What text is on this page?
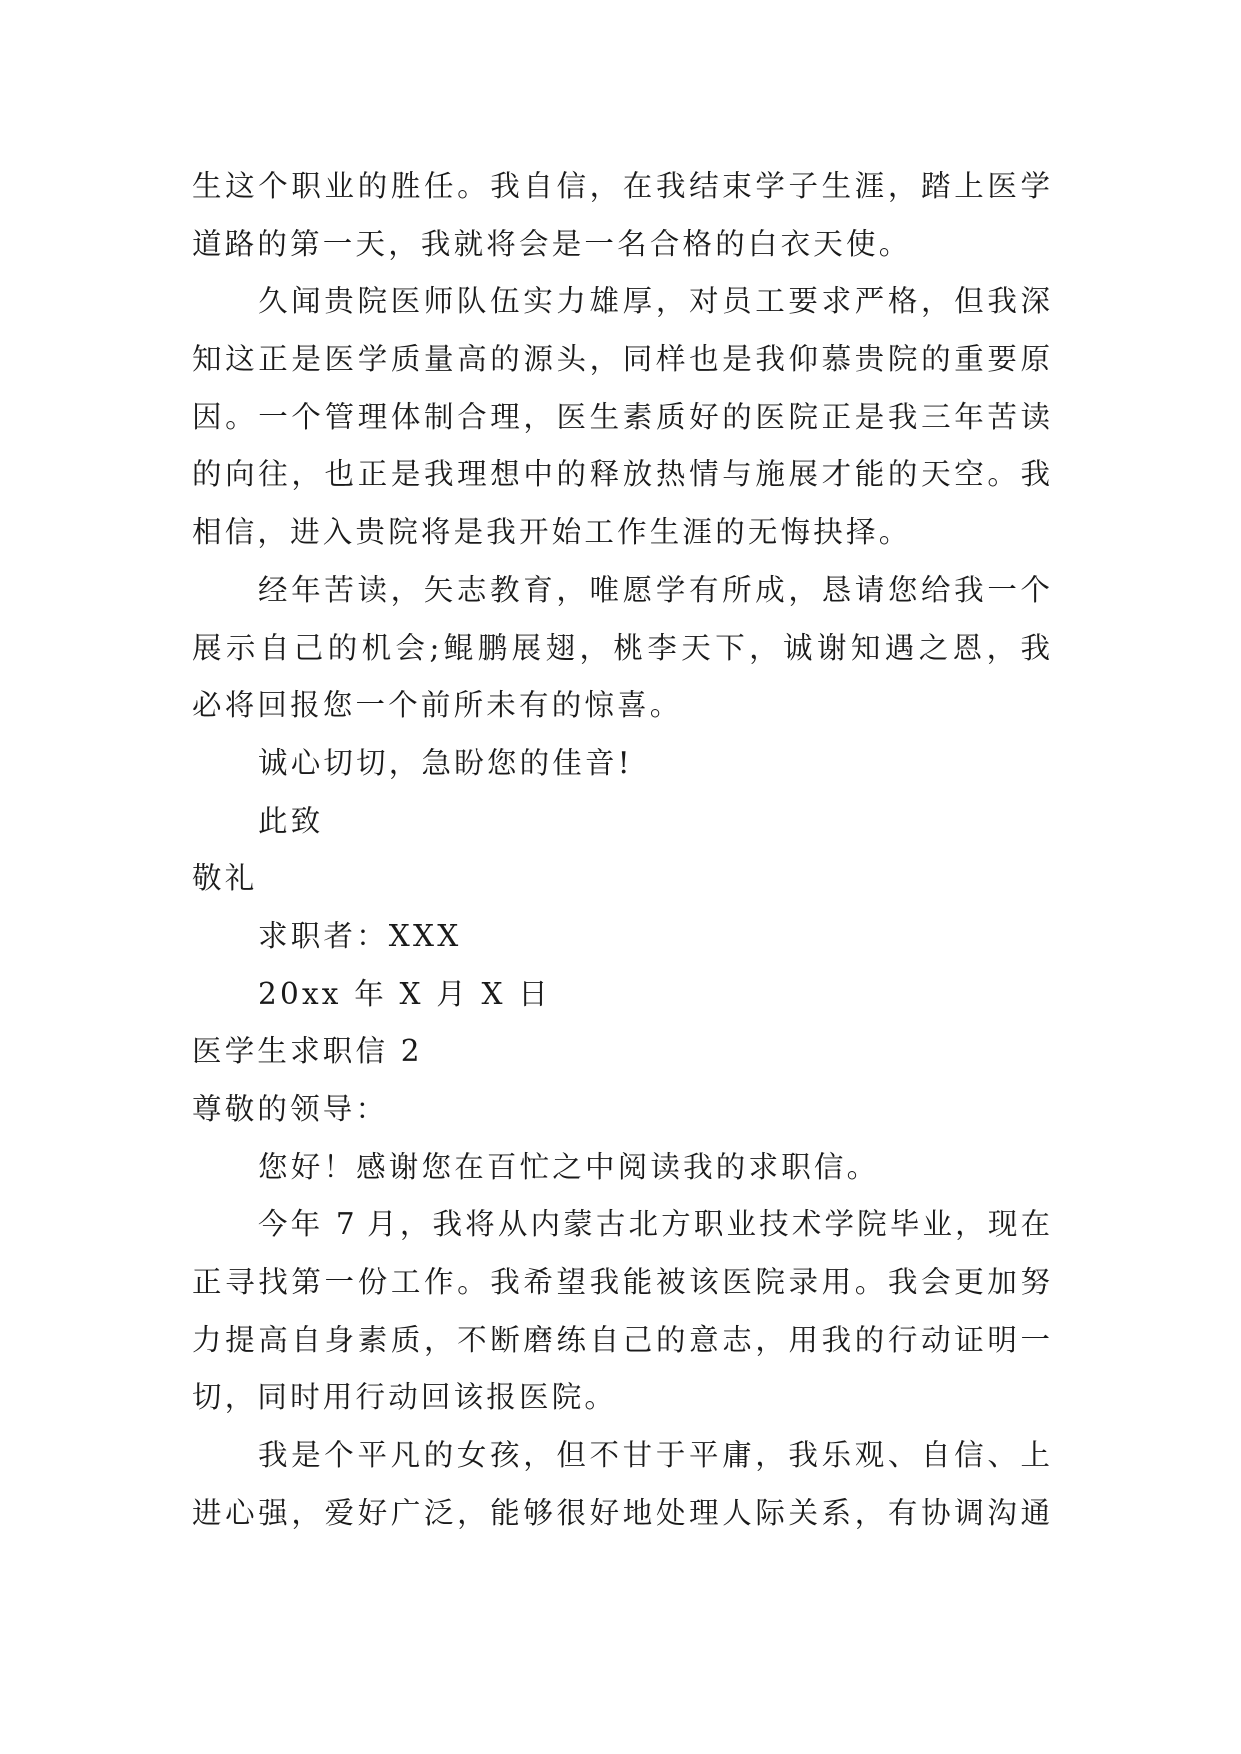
生这个职业的胜任。我自信，在我结束学子生涯，踏上医学
道路的第一天，我就将会是一名合格的白衣天使。
久闻贵院医师队伍实力雄厚，对员工要求严格，但我深
知这正是医学质量高的源头，同样也是我仰慕贵院的重要原
因。一个管理体制合理，医生素质好的医院正是我三年苦读
的向往，也正是我理想中的释放热情与施展才能的天空。我
相信，进入贵院将是我开始工作生涯的无悔抉择。
经年苦读，矢志教育，唯愿学有所成，恳请您给我一个
展示自己的机会;鲲鹏展翅，桃李天下，诚谢知遇之恩，我
必将回报您一个前所未有的惊喜。
诚心切切，急盼您的佳音!
此致
敬礼
求职者：XXX
20xx 年 X 月 X 日
医学生求职信 2
尊敬的领导：
您好！感谢您在百忙之中阅读我的求职信。
今年 7 月，我将从内蒙古北方职业技术学院毕业，现在
正寻找第一份工作。我希望我能被该医院录用。我会更加努
力提高自身素质，不断磨练自己的意志，用我的行动证明一
切，同时用行动回该报医院。
我是个平凡的女孩，但不甘于平庸，我乐观、自信、上
进心强，爱好广泛，能够很好地处理人际关系，有协调沟通
